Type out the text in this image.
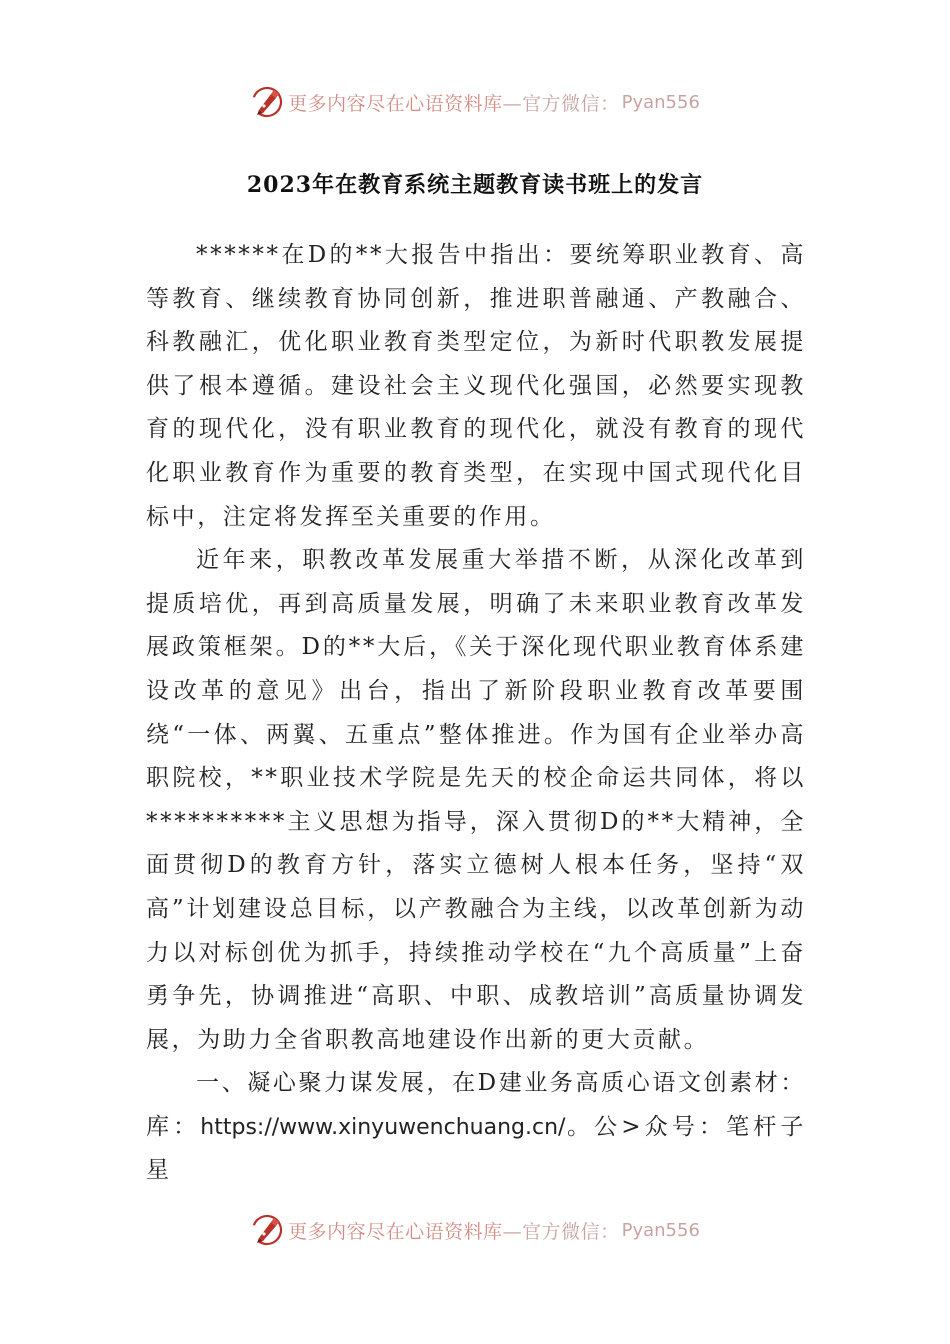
更多内容尽在心语资料库 —官方微信： Pyan556
2023年在教育系统主题教育读书班上的发言

******在D的**大报告中指出：要统筹职业教育、高等教育、继续教育协同创新，推进职普融通、产教融合、科教融汇，优化职业教育类型定位，为新时代职教发展提供了根本遵循。建设社会主义现代化强国，必然要实现教育的现代化，没有职业教育的现代化，就没有教育的现代化职业教育作为重要的教育类型，在实现中国式现代化目标中，注定将发挥至关重要的作用。

近年来，职教改革发展重大举措不断，从深化改革到提质培优，再到高质量发展，明确了未来职业教育改革发展政策框架。D的**大后，《关于深化现代职业教育体系建设改革的意见》出台，指出了新阶段职业教育改革要围绕“一体、两翼、五重点”整体推进。作为国有企业举办高职院校，**职业技术学院是先天的校企命运共同体，将以**********主义思想为指导，深入贯彻D的**大精神，全面贯彻D的教育方针，落实立德树人根本任务，坚持“双高”计划建设总目标，以产教融合为主线，以改革创新为动力以对标创优为抓手，持续推动学校在“九个高质量”上奋勇争先，协调推进“高职、中职、成教培训”高质量协调发展，为助力全省职教高地建设作出新的更大贡献。

一、凝心聚力谋发展，在D建业务高质心语文创素材：库：https://www.xinyuwenchuang.cn/。公>众号：笔杆子星

更多内容尽在心语资料库 —官方微信： Pyan556
